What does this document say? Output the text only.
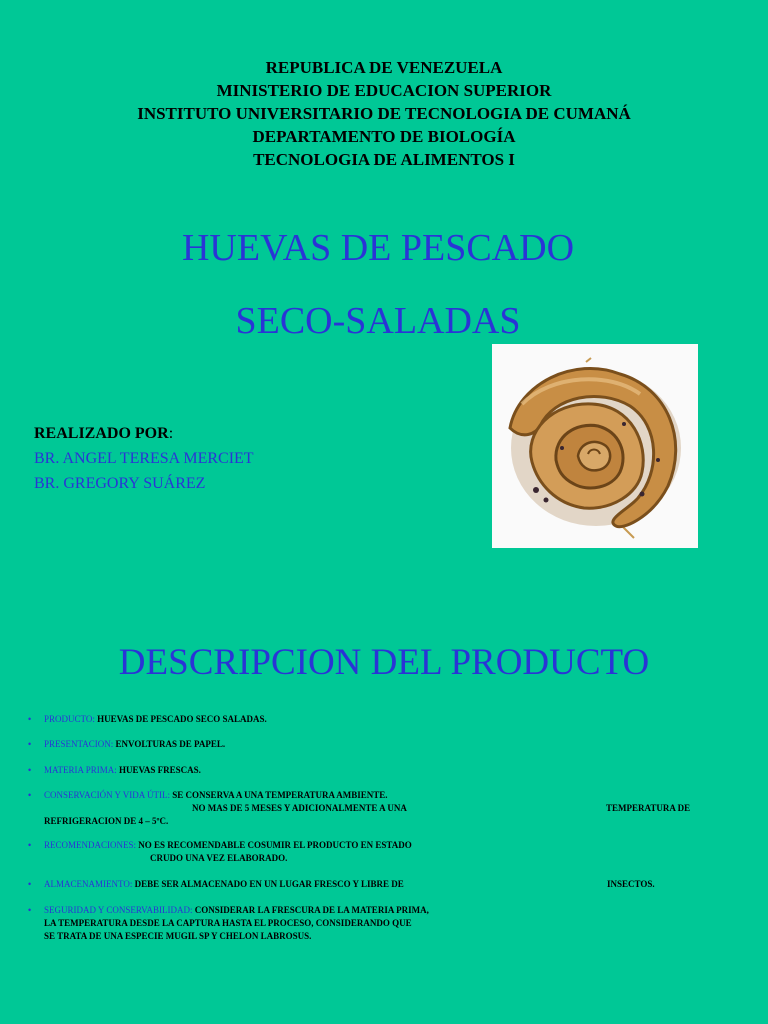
REPUBLICA DE VENEZUELA
MINISTERIO DE EDUCACION SUPERIOR
INSTITUTO UNIVERSITARIO DE TECNOLOGIA DE CUMANÁ
DEPARTAMENTO DE BIOLOGÍA
TECNOLOGIA DE ALIMENTOS I
HUEVAS DE PESCADO
SECO-SALADAS
REALIZADO POR:
BR. ANGEL TERESA MERCIET
BR. GREGORY SUÁREZ
DESCRIPCION DEL PRODUCTO
•	PRODUCTO: HUEVAS DE PESCADO SECO SALADAS.
•	PRESENTACION: ENVOLTURAS DE PAPEL.
•	MATERIA PRIMA: HUEVAS FRESCAS.
•	CONSERVACIÓN Y VIDA ÚTIL: SE CONSERVA A UNA TEMPERATURA AMBIENTE.
NO MAS DE 5 MESES Y ADICIONALMENTE A UNA	TEMPERATURA DE
REFRIGERACION DE 4 – 5ºC.
•	RECOMENDACIONES: NO ES RECOMENDABLE COSUMIR EL PRODUCTO EN ESTADO
CRUDO UNA VEZ ELABORADO.
•	ALMACENAMIENTO: DEBE SER ALMACENADO EN UN LUGAR FRESCO Y LIBRE DE	INSECTOS.
•	SEGURIDAD Y CONSERVABILIDAD: CONSIDERAR LA FRESCURA DE LA MATERIA PRIMA,
LA TEMPERATURA DESDE LA CAPTURA HASTA EL PROCESO, CONSIDERANDO QUE
SE TRATA DE UNA ESPECIE MUGIL SP Y CHELON LABROSUS.
